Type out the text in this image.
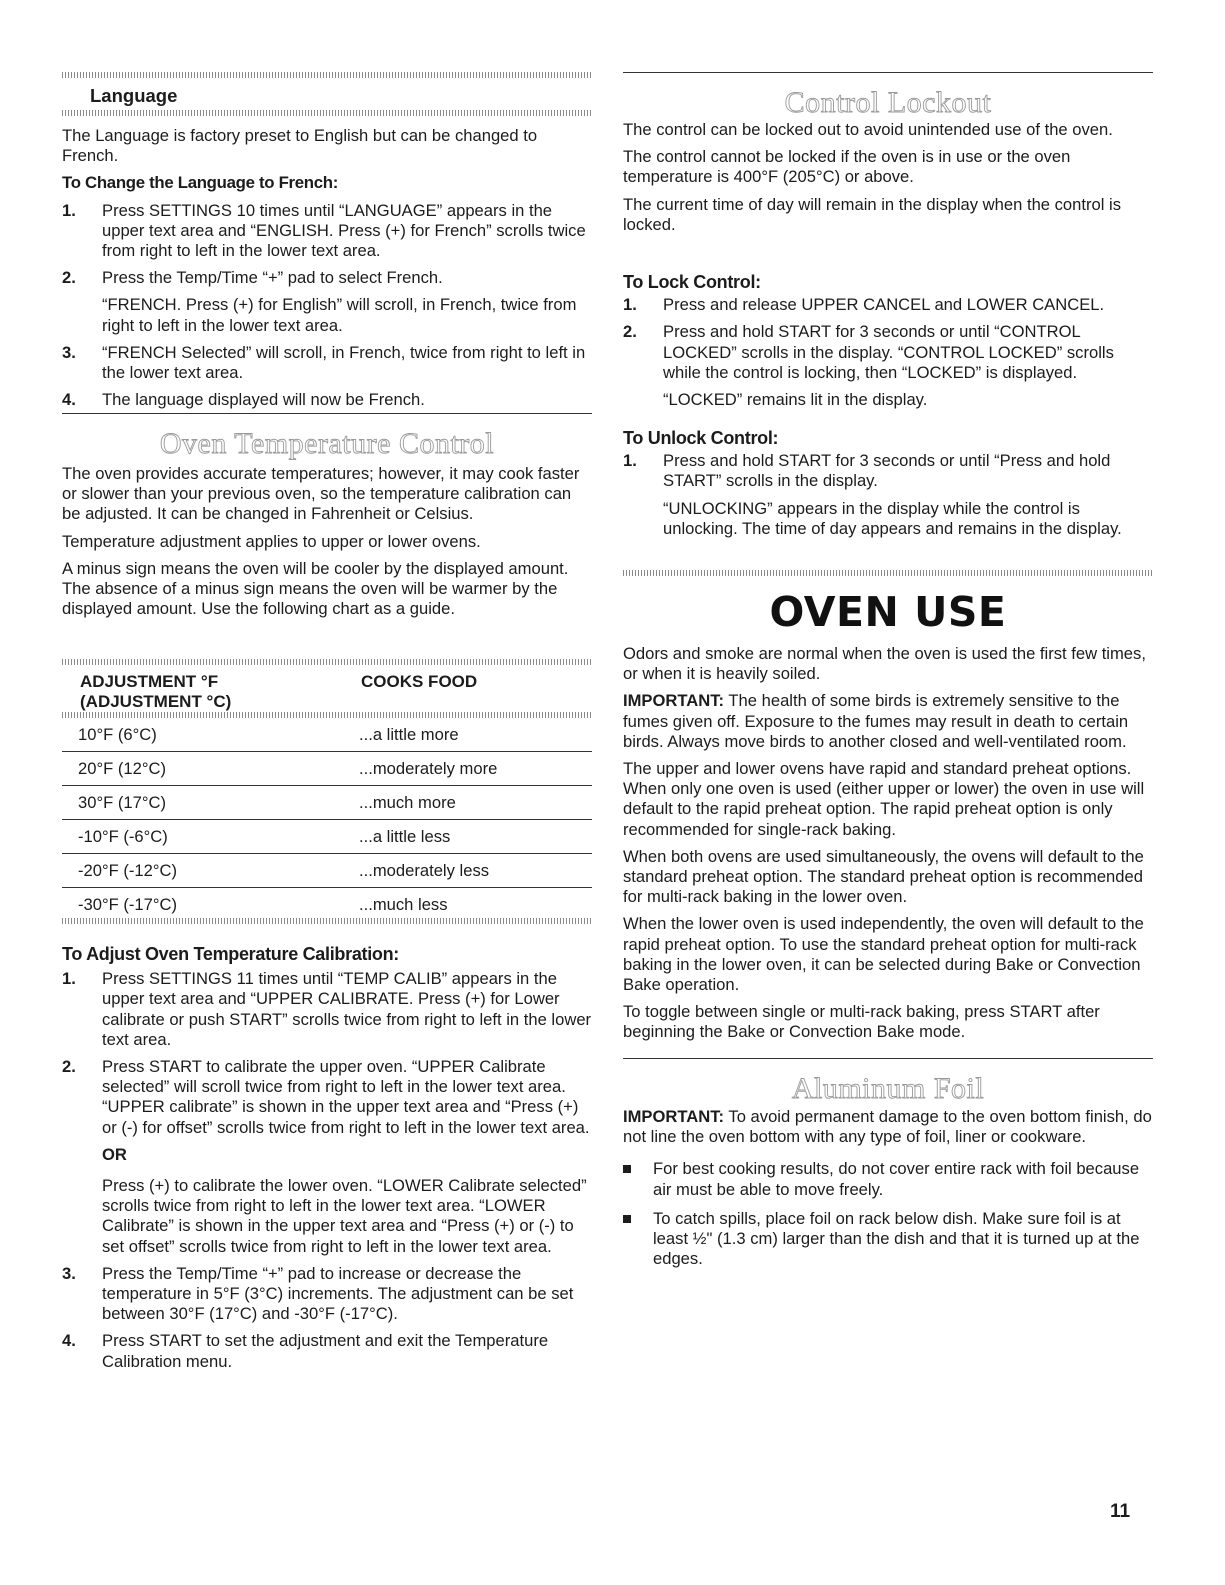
Language

The Language is factory preset to English but can be changed to French.

To Change the Language to French:

1. Press SETTINGS 10 times until “LANGUAGE” appears in the upper text area and “ENGLISH. Press (+) for French” scrolls twice from right to left in the lower text area.

2. Press the Temp/Time “+” pad to select French.

“FRENCH. Press (+) for English” will scroll, in French, twice from right to left in the lower text area.

3. “FRENCH Selected” will scroll, in French, twice from right to left in the lower text area.

4. The language displayed will now be French.

Oven Temperature Control

The oven provides accurate temperatures; however, it may cook faster or slower than your previous oven, so the temperature calibration can be adjusted. It can be changed in Fahrenheit or Celsius.

Temperature adjustment applies to upper or lower ovens.

A minus sign means the oven will be cooler by the displayed amount. The absence of a minus sign means the oven will be warmer by the displayed amount. Use the following chart as a guide.

ADJUSTMENT °F
(ADJUSTMENT °C)	COOKS FOOD
10°F (6°C)	...a little more
20°F (12°C)	...moderately more
30°F (17°C)	...much more
-10°F (-6°C)	...a little less
-20°F (-12°C)	...moderately less
-30°F (-17°C)	...much less

To Adjust Oven Temperature Calibration:

1. Press SETTINGS 11 times until “TEMP CALIB” appears in the upper text area and “UPPER CALIBRATE. Press (+) for Lower calibrate or push START” scrolls twice from right to left in the lower text area.

2. Press START to calibrate the upper oven. “UPPER Calibrate selected” will scroll twice from right to left in the lower text area. “UPPER calibrate” is shown in the upper text area and “Press (+) or (-) for offset” scrolls twice from right to left in the lower text area.

OR

Press (+) to calibrate the lower oven. “LOWER Calibrate selected” scrolls twice from right to left in the lower text area. “LOWER Calibrate” is shown in the upper text area and “Press (+) or (-) to set offset” scrolls twice from right to left in the lower text area.

3. Press the Temp/Time “+” pad to increase or decrease the temperature in 5°F (3°C) increments. The adjustment can be set between 30°F (17°C) and -30°F (-17°C).

4. Press START to set the adjustment and exit the Temperature Calibration menu.

Control Lockout

The control can be locked out to avoid unintended use of the oven.

The control cannot be locked if the oven is in use or the oven temperature is 400°F (205°C) or above.

The current time of day will remain in the display when the control is locked.

To Lock Control:

1. Press and release UPPER CANCEL and LOWER CANCEL.

2. Press and hold START for 3 seconds or until “CONTROL LOCKED” scrolls in the display. “CONTROL LOCKED” scrolls while the control is locking, then “LOCKED” is displayed.

“LOCKED” remains lit in the display.

To Unlock Control:

1. Press and hold START for 3 seconds or until “Press and hold START” scrolls in the display.

“UNLOCKING” appears in the display while the control is unlocking. The time of day appears and remains in the display.

OVEN USE

Odors and smoke are normal when the oven is used the first few times, or when it is heavily soiled.

IMPORTANT: The health of some birds is extremely sensitive to the fumes given off. Exposure to the fumes may result in death to certain birds. Always move birds to another closed and well-ventilated room.

The upper and lower ovens have rapid and standard preheat options. When only one oven is used (either upper or lower) the oven in use will default to the rapid preheat option. The rapid preheat option is only recommended for single-rack baking.

When both ovens are used simultaneously, the ovens will default to the standard preheat option. The standard preheat option is recommended for multi-rack baking in the lower oven.

When the lower oven is used independently, the oven will default to the rapid preheat option. To use the standard preheat option for multi-rack baking in the lower oven, it can be selected during Bake or Convection Bake operation.

To toggle between single or multi-rack baking, press START after beginning the Bake or Convection Bake mode.

Aluminum Foil

IMPORTANT: To avoid permanent damage to the oven bottom finish, do not line the oven bottom with any type of foil, liner or cookware.

For best cooking results, do not cover entire rack with foil because air must be able to move freely.
To catch spills, place foil on rack below dish. Make sure foil is at least ½" (1.3 cm) larger than the dish and that it is turned up at the edges.
11
